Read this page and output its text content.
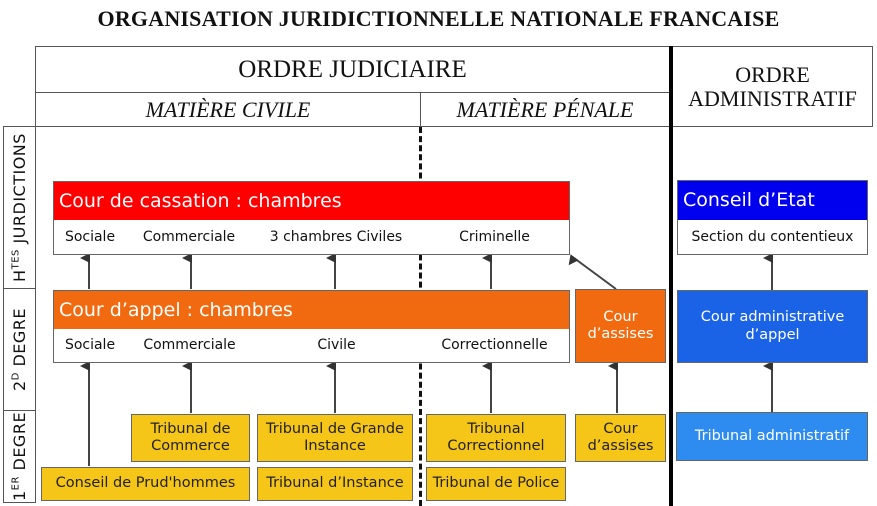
ORGANISATION JURIDICTIONNELLE NATIONALE FRANCAISE
ORDRE JUDICIAIRE
MATIÈRE CIVILE	MATIÈRE PÉNALE
ORDRE
ADMINISTRATIF
$H^{TES}$ JURDICTIONS
$2^D$ DEGRE
1ER DEGRE
Cour de cassation : chambres
Sociale Commerciale 3 chambres Civiles	Criminelle
Cour d’appel : chambres
Sociale Commerciale	Civile	Correctionnelle
Cour
d’assises
Tribunal de
Commerce
Tribunal de Grande
Instance
Tribunal
Correctionnel
Cour
d’assises
Conseil de Prud'hommes Tribunal d’Instance Tribunal de Police
Conseil d’Etat
Section du contentieux
Cour administrative
d’appel
Tribunal administratif
